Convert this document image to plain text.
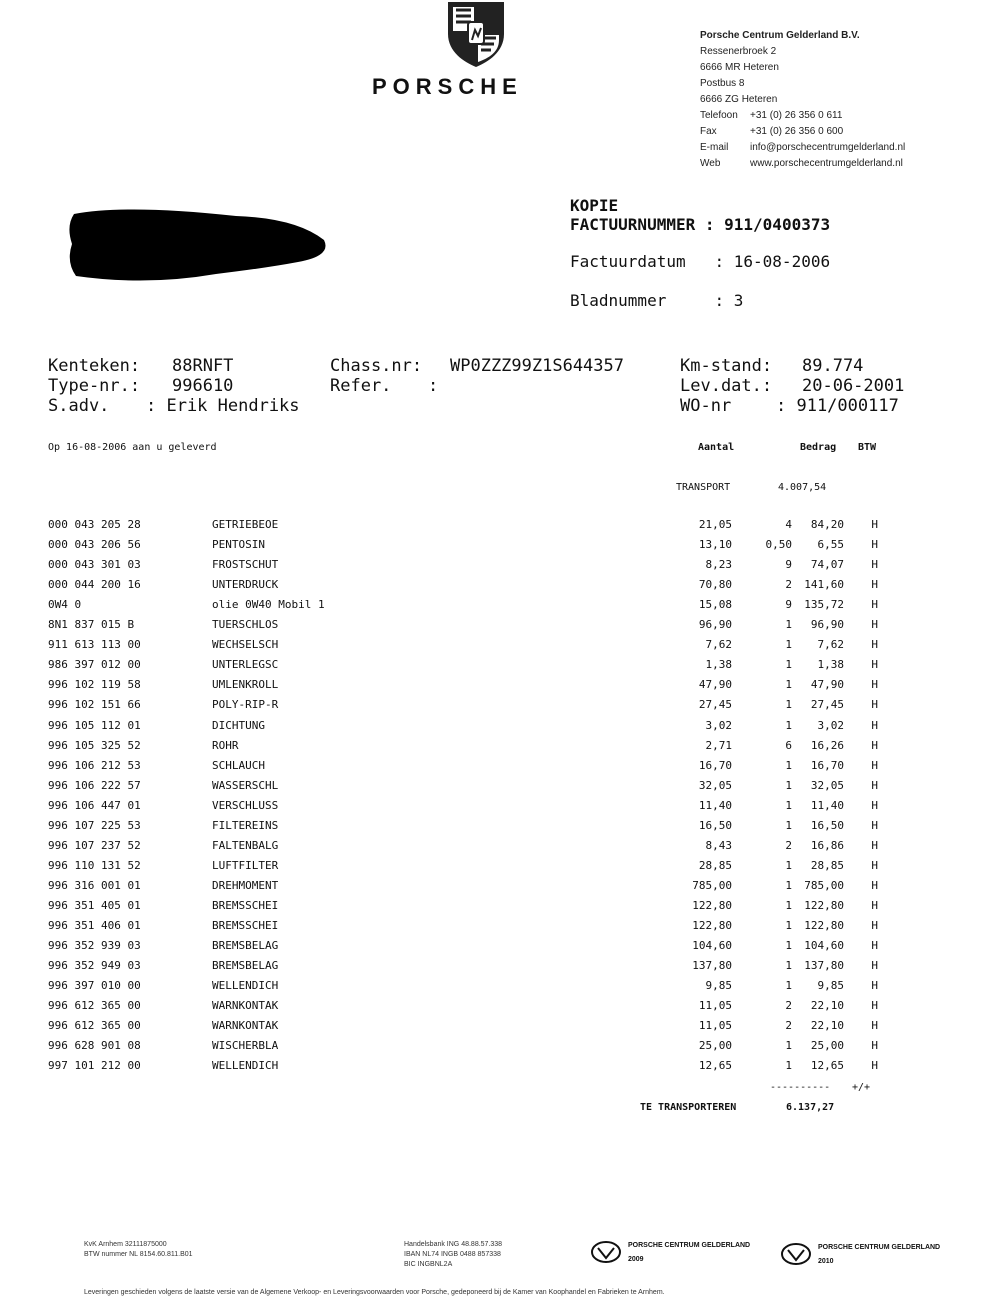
PORSCHE
Porsche Centrum Gelderland B.V.
Ressenerbroek 2
6666 MR Heteren
Postbus 8
6666 ZG Heteren
Telefoon +31 (0) 26 356 0 611
Fax	+31 (0) 26 356 0 600
E-mail info@porschecentrumgelderland.nl
Web	www.porschecentrumgelderland.nl
KOPIE
FACTUURNUMMER : 911/0400373
Factuurdatum   : 16-08-2006
Bladnummer     : 3
Kenteken: 88RNFT	Chass.nr: WP0ZZZ99Z1S644357	Km-stand: 89.774
Type-nr.: 996610	Refer. :	Lev.dat.: 20-06-2001
S.adv. : Erik Hendriks	WO-nr	: 911/000117
Op 16-08-2006 aan u geleverd	Aantal	Bedrag BTW
TRANSPORT	4.007,54
000 043 205 28	GETRIEBEOE	21,05	4 84,20 H
000 043 206 56	PENTOSIN	13,10	0,50 6,55 H
000 043 301 03	FROSTSCHUT	8,23	9 74,07 H
000 044 200 16	UNTERDRUCK	70,80	2 141,60 H
0W4 0	olie 0W40 Mobil 1	15,08	9 135,72 H
8N1 837 015 B	TUERSCHLOS	96,90	1 96,90 H
911 613 113 00	WECHSELSCH	7,62	1 7,62 H
986 397 012 00	UNTERLEGSC	1,38	1 1,38 H
996 102 119 58	UMLENKROLL	47,90	1 47,90 H
996 102 151 66	POLY-RIP-R	27,45	1 27,45 H
996 105 112 01	DICHTUNG	3,02	1 3,02 H
996 105 325 52	ROHR	2,71	6 16,26 H
996 106 212 53	SCHLAUCH	16,70	1 16,70 H
996 106 222 57	WASSERSCHL	32,05	1 32,05 H
996 106 447 01	VERSCHLUSS	11,40	1 11,40 H
996 107 225 53	FILTEREINS	16,50	1 16,50 H
996 107 237 52	FALTENBALG	8,43	2 16,86 H
996 110 131 52	LUFTFILTER	28,85	1 28,85 H
996 316 001 01	DREHMOMENT	785,00	1 785,00 H
996 351 405 01	BREMSSCHEI	122,80	1 122,80 H
996 351 406 01	BREMSSCHEI	122,80	1 122,80 H
996 352 939 03	BREMSBELAG	104,60	1 104,60 H
996 352 949 03	BREMSBELAG	137,80	1 137,80 H
996 397 010 00	WELLENDICH	9,85	1 9,85 H
996 612 365 00	WARNKONTAK	11,05	2 22,10 H
996 612 365 00	WARNKONTAK	11,05	2 22,10 H
996 628 901 08	WISCHERBLA	25,00	1 25,00 H
997 101 212 00	WELLENDICH	12,65	1 12,65 H
---------- +/+
TE TRANSPORTEREN	6.137,27
KvK Arnhem 32111875000
BTW nummer NL 8154.60.811.B01
Handelsbank ING 48.88.57.338
IBAN NL74 INGB 0488 857338
BIC INGBNL2A
PORSCHE CENTRUM GELDERLAND
2009
PORSCHE CENTRUM GELDERLAND
2010
Leveringen geschieden volgens de laatste versie van de Algemene Verkoop- en Leveringsvoorwaarden voor Porsche, gedeponeerd bij de Kamer van Koophandel en Fabrieken te Arnhem.
